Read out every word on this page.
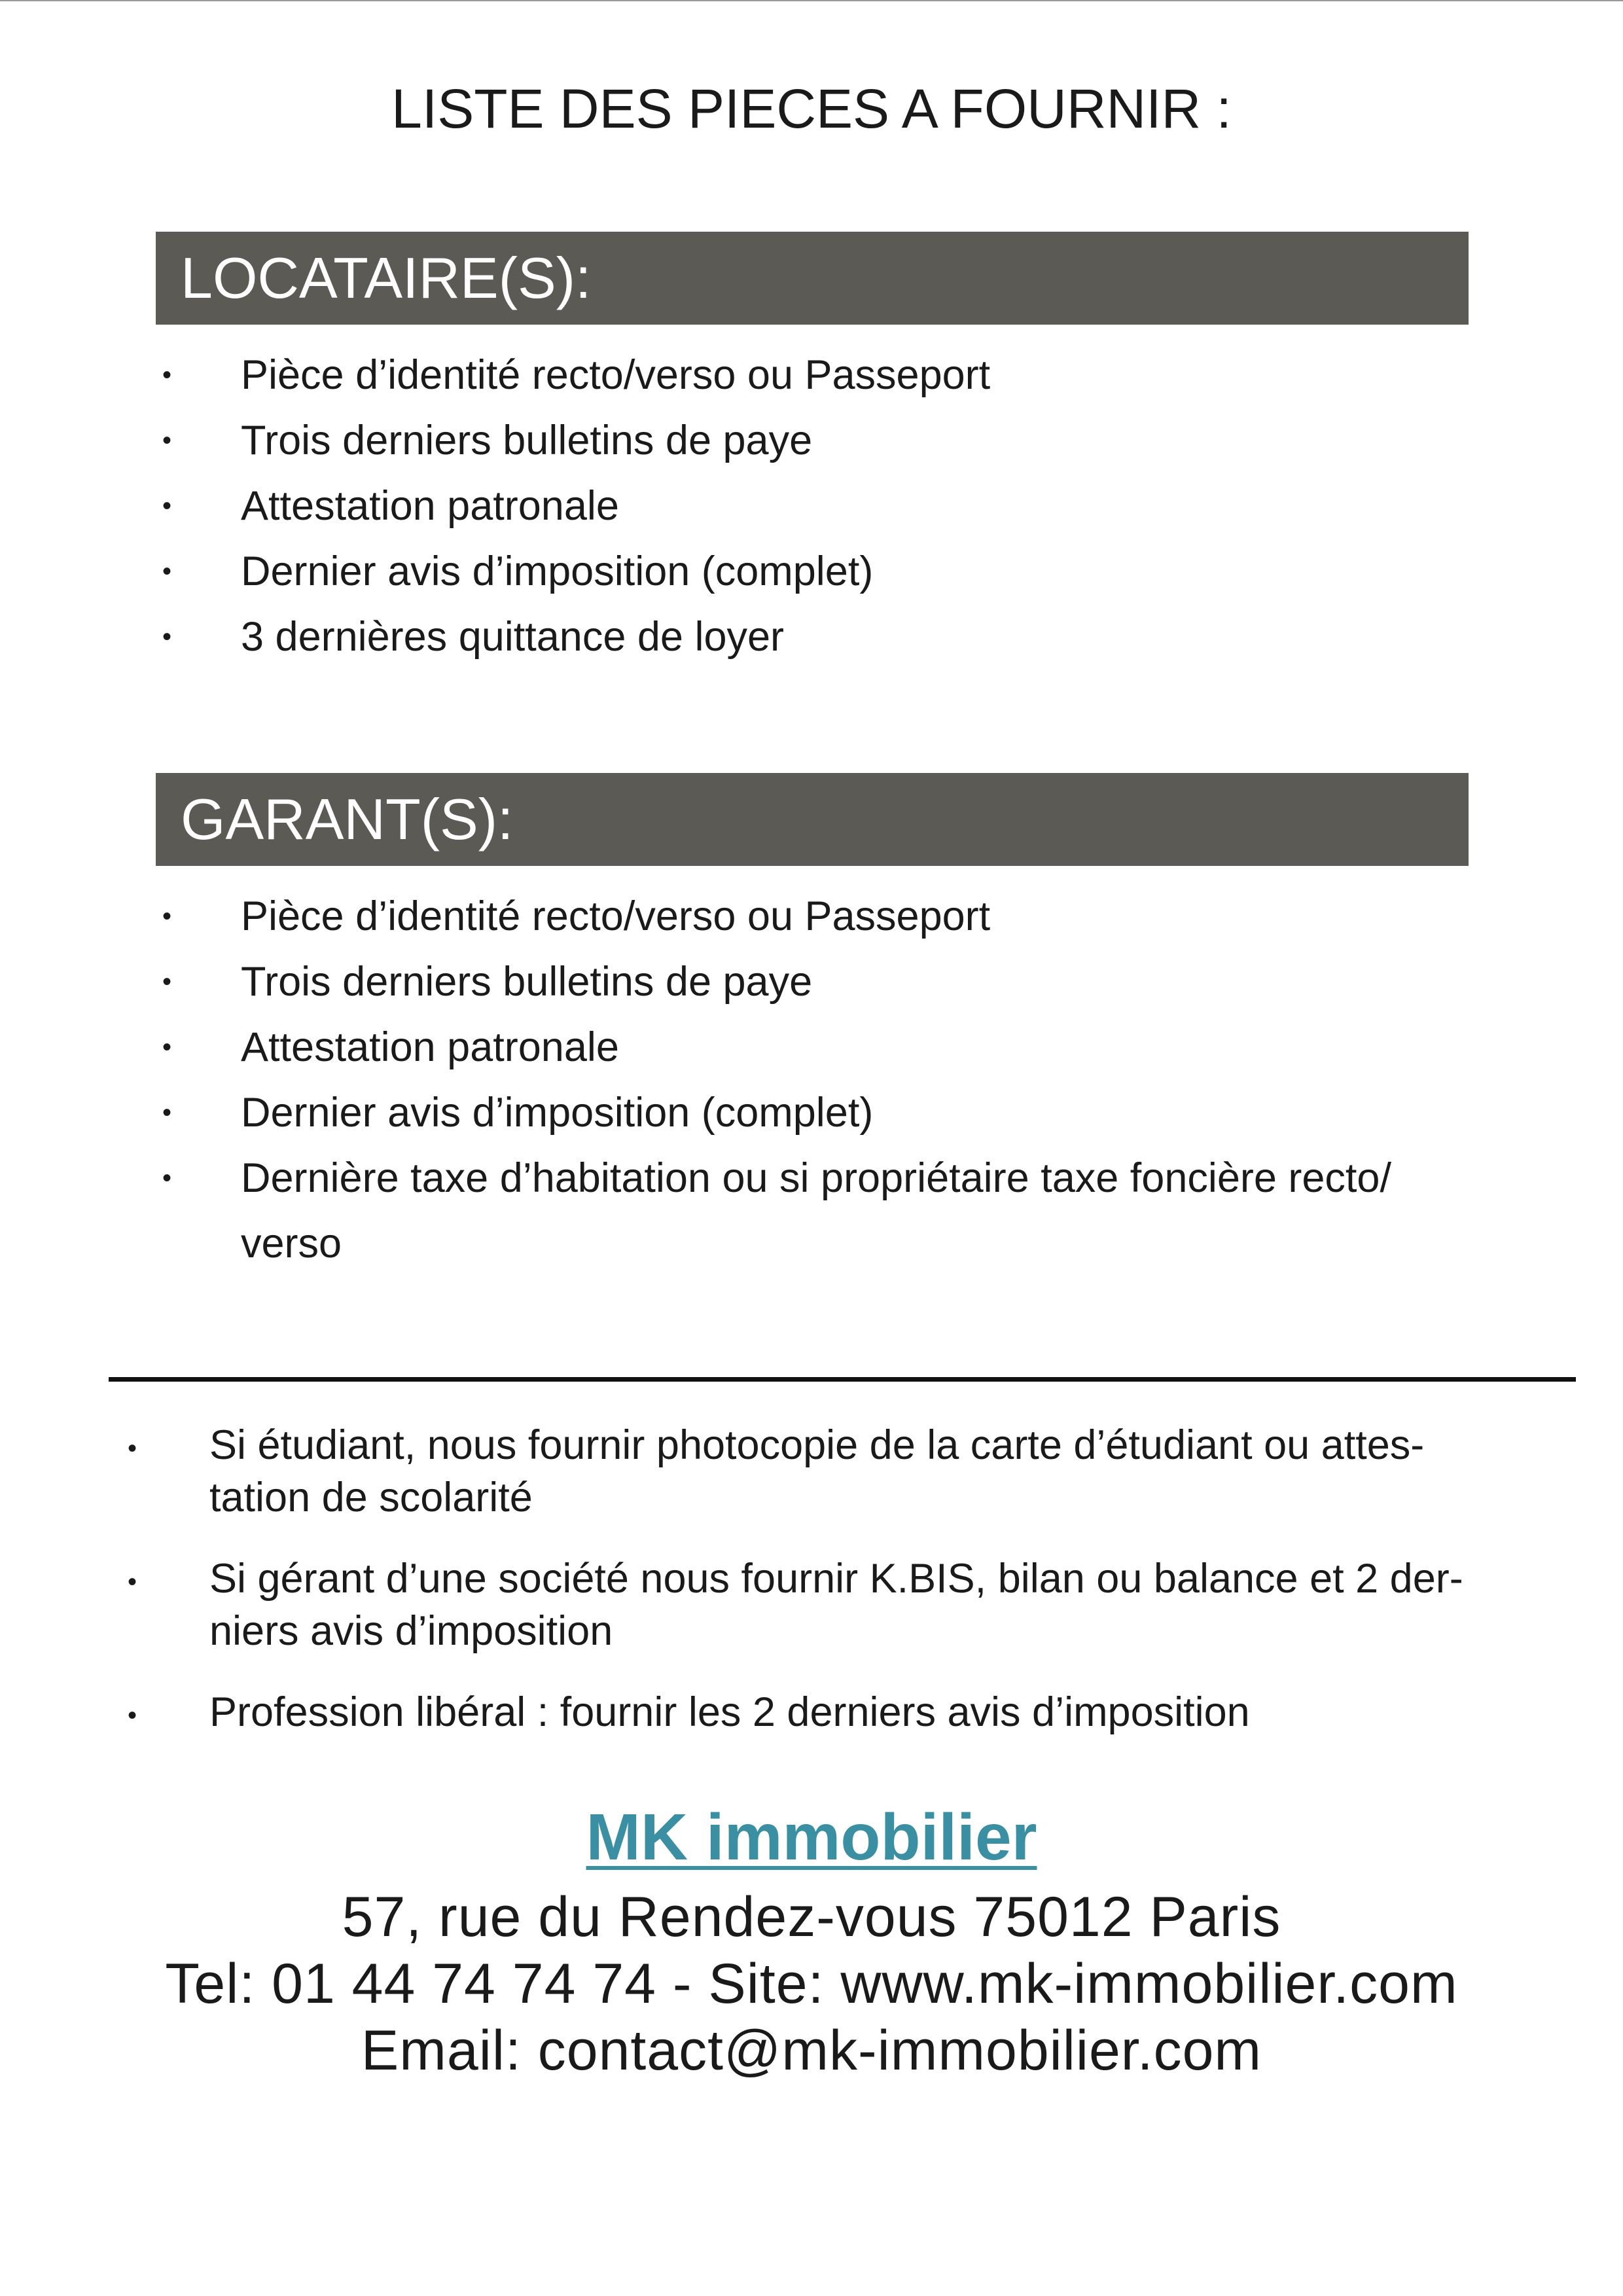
LISTE DES PIECES A FOURNIR :
LOCATAIRE(S):
• Pièce d’identité recto/verso ou Passeport
• Trois derniers bulletins de paye
• Attestation patronale
• Dernier avis d’imposition (complet)
• 3 dernières quittance de loyer
GARANT(S):
• Pièce d’identité recto/verso ou Passeport
• Trois derniers bulletins de paye
• Attestation patronale
• Dernier avis d’imposition (complet)
• Dernière taxe d’habitation ou si propriétaire taxe foncière recto/
verso
• Si étudiant, nous fournir photocopie de la carte d’étudiant ou attes-tation de scolarité
• Si gérant d’une société nous fournir K.BIS, bilan ou balance et 2 der-niers avis d’imposition
• Profession libéral : fournir les 2 derniers avis d’imposition
MK immobilier
57, rue du Rendez-vous 75012 Paris
Tel: 01 44 74 74 74 - Site: www.mk-immobilier.com
Email: contact@mk-immobilier.com
